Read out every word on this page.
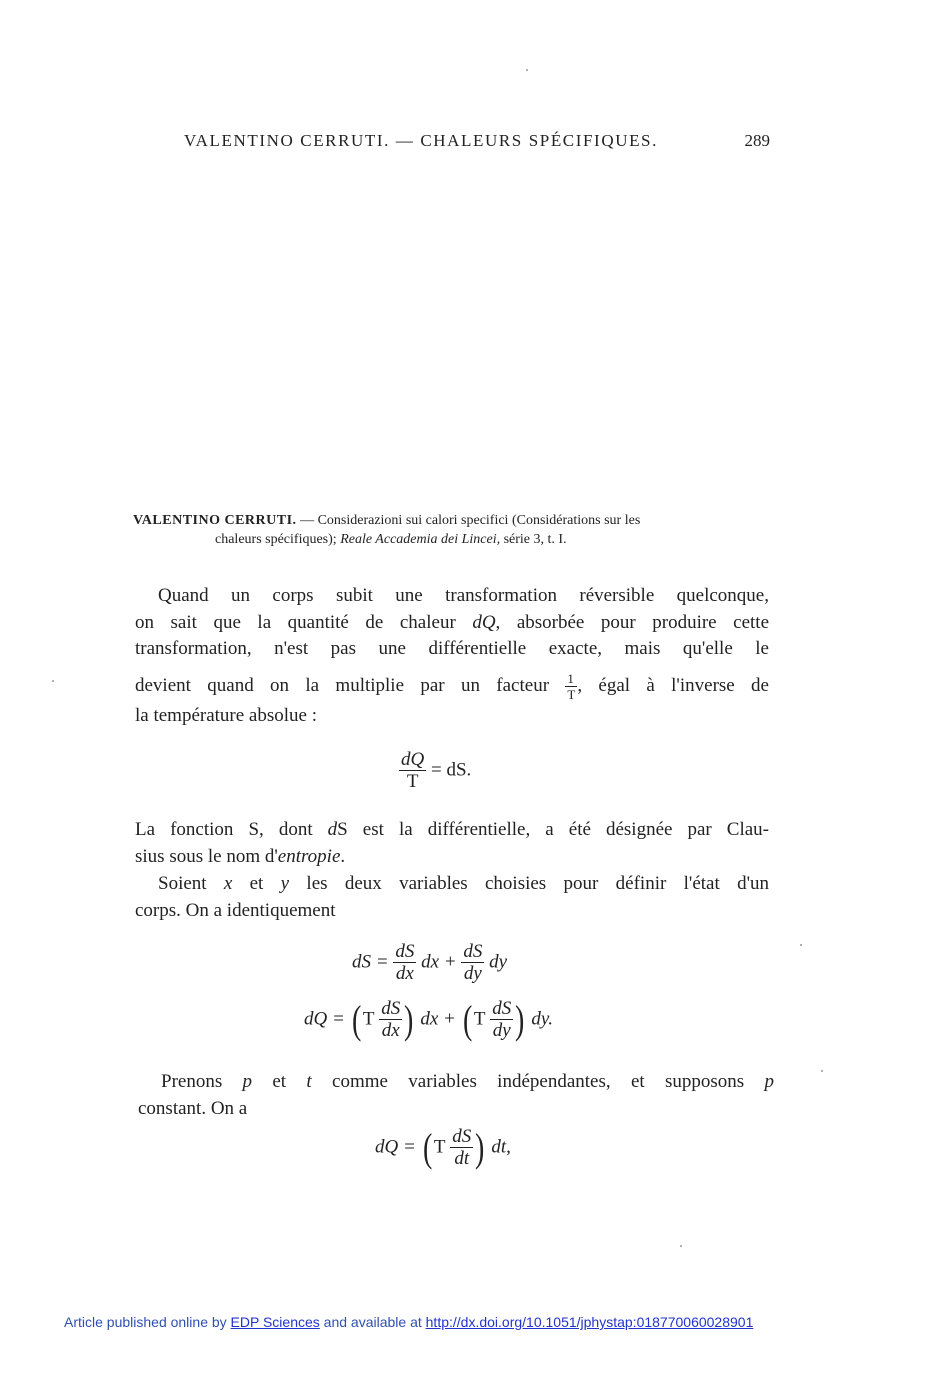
VALENTINO CERRUTI. — CHALEURS SPÉCIFIQUES.	289
VALENTINO CERRUTI. — Considerazioni sui calori specifici (Considérations sur les
chaleurs spécifiques); Reale Accademia dei Lincei, série 3, t. I.
Quand un corps subit une transformation réversible quelconque,
on sait que la quantité de chaleur dQ, absorbée pour produire cette
transformation, n'est pas une différentielle exacte, mais qu'elle le
devient quand on la multiplie par un facteur $\frac{1}{T}$ , égal à l'inverse de
la température absolue :
$\frac{dQ}{T}$ = dS.
La fonction S, dont dS est la différentielle, a été désignée par Clau-
sius sous le nom d'entropie.
Soient x et y les deux variables choisies pour définir l'état d'un
corps. On a identiquement
dS = $\frac{dS}{dx}$ dx + $\frac{dS}{dy}$ dy
dQ = ( T $\frac{dS}{dx}$ ) dx + ( T $\frac{dS}{dy}$ ) dy.
Prenons p et t comme variables indépendantes, et supposons p
constant. On a
dQ = ( T $\frac{dS}{dt}$ ) dt,
Article published online by EDP Sciences and available at http://dx.doi.org/10.1051/jphystap:018770060028901
